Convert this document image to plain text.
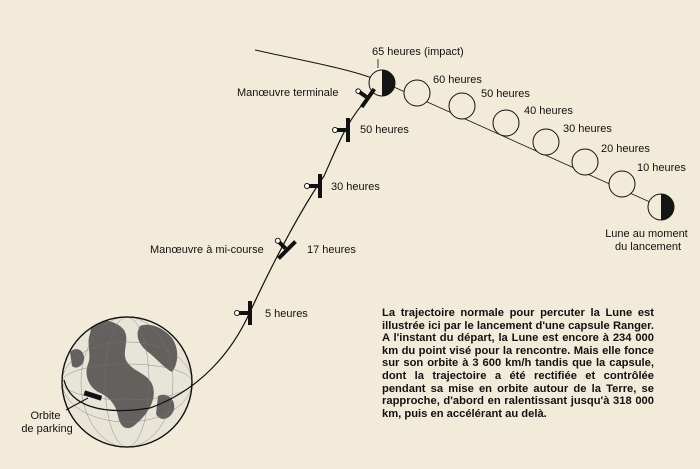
65 heures (impact)
Manœuvre terminale
Manœuvre à mi-course
5 heures
17 heures
30 heures
50 heures
60 heures
50 heures
40 heures
30 heures
20 heures
10 heures
Lune au moment du lancement
Orbite de parking

La trajectoire normale pour percuter la Lune est illustrée ici par le lancement d'une capsule Ranger. A l'instant du départ, la Lune est encore à 234 000 km du point visé pour la rencontre. Mais elle fonce sur son orbite à 3 600 km/h tandis que la capsule, dont la trajectoire a été rectifiée et contrôlée pendant sa mise en orbite autour de la Terre, se rapproche, d'abord en ralentissant jusqu'à 318 000 km, puis en accélérant au delà.
